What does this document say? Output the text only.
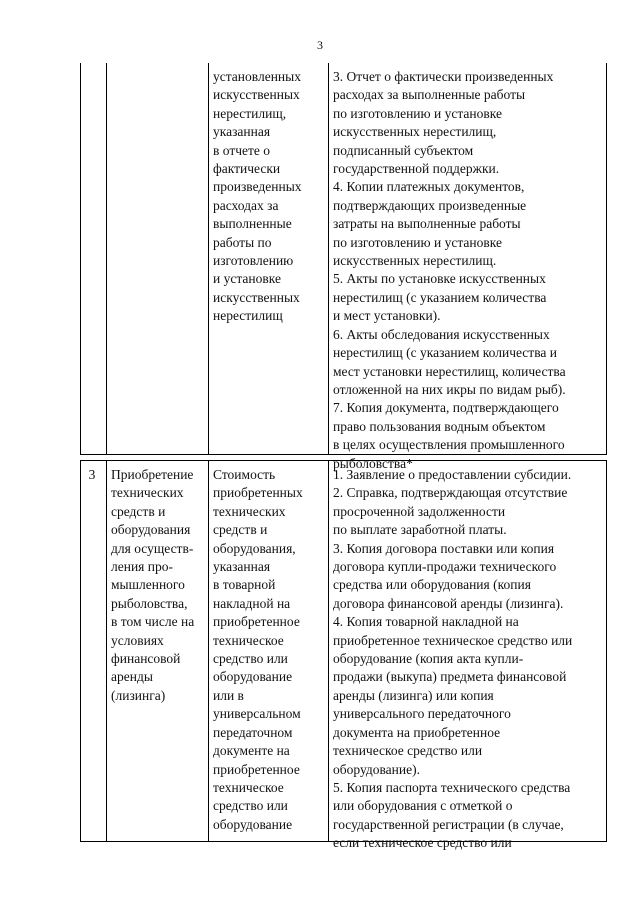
3
установленных
искусственных
нерестилищ,
указанная
в отчете о
фактически
произведенных
расходах за
выполненные
работы по
изготовлению
и установке
искусственных
нерестилищ
3. Отчет о фактически произведенных
расходах за выполненные работы
по изготовлению и установке
искусственных нерестилищ,
подписанный субъектом
государственной поддержки.
4. Копии платежных документов,
подтверждающих произведенные
затраты на выполненные работы
по изготовлению и установке
искусственных нерестилищ.
5. Акты по установке искусственных
нерестилищ (с указанием количества
и мест установки).
6. Акты обследования искусственных
нерестилищ (с указанием количества и
мест установки нерестилищ, количества
отложенной на них икры по видам рыб).
7. Копия документа, подтверждающего
право пользования водным объектом
в целях осуществления промышленного
рыболовства*
3	Приобретение
технических
средств и
оборудования
для осуществ-
ления про-
мышленного
рыболовства,
в том числе на
условиях
финансовой
аренды
(лизинга)
Стоимость
приобретенных
технических
средств и
оборудования,
указанная
в товарной
накладной на
приобретенное
техническое
средство или
оборудование
или в
универсальном
передаточном
документе на
приобретенное
техническое
средство или
оборудование
1. Заявление о предоставлении субсидии.
2. Справка, подтверждающая отсутствие
просроченной задолженности
по выплате заработной платы.
3. Копия договора поставки или копия
договора купли-продажи технического
средства или оборудования (копия
договора финансовой аренды (лизинга).
4. Копия товарной накладной на
приобретенное техническое средство или
оборудование (копия акта купли-
продажи (выкупа) предмета финансовой
аренды (лизинга) или копия
универсального передаточного
документа на приобретенное
техническое средство или
оборудование).
5. Копия паспорта технического средства
или оборудования с отметкой о
государственной регистрации (в случае,
если техническое средство или
